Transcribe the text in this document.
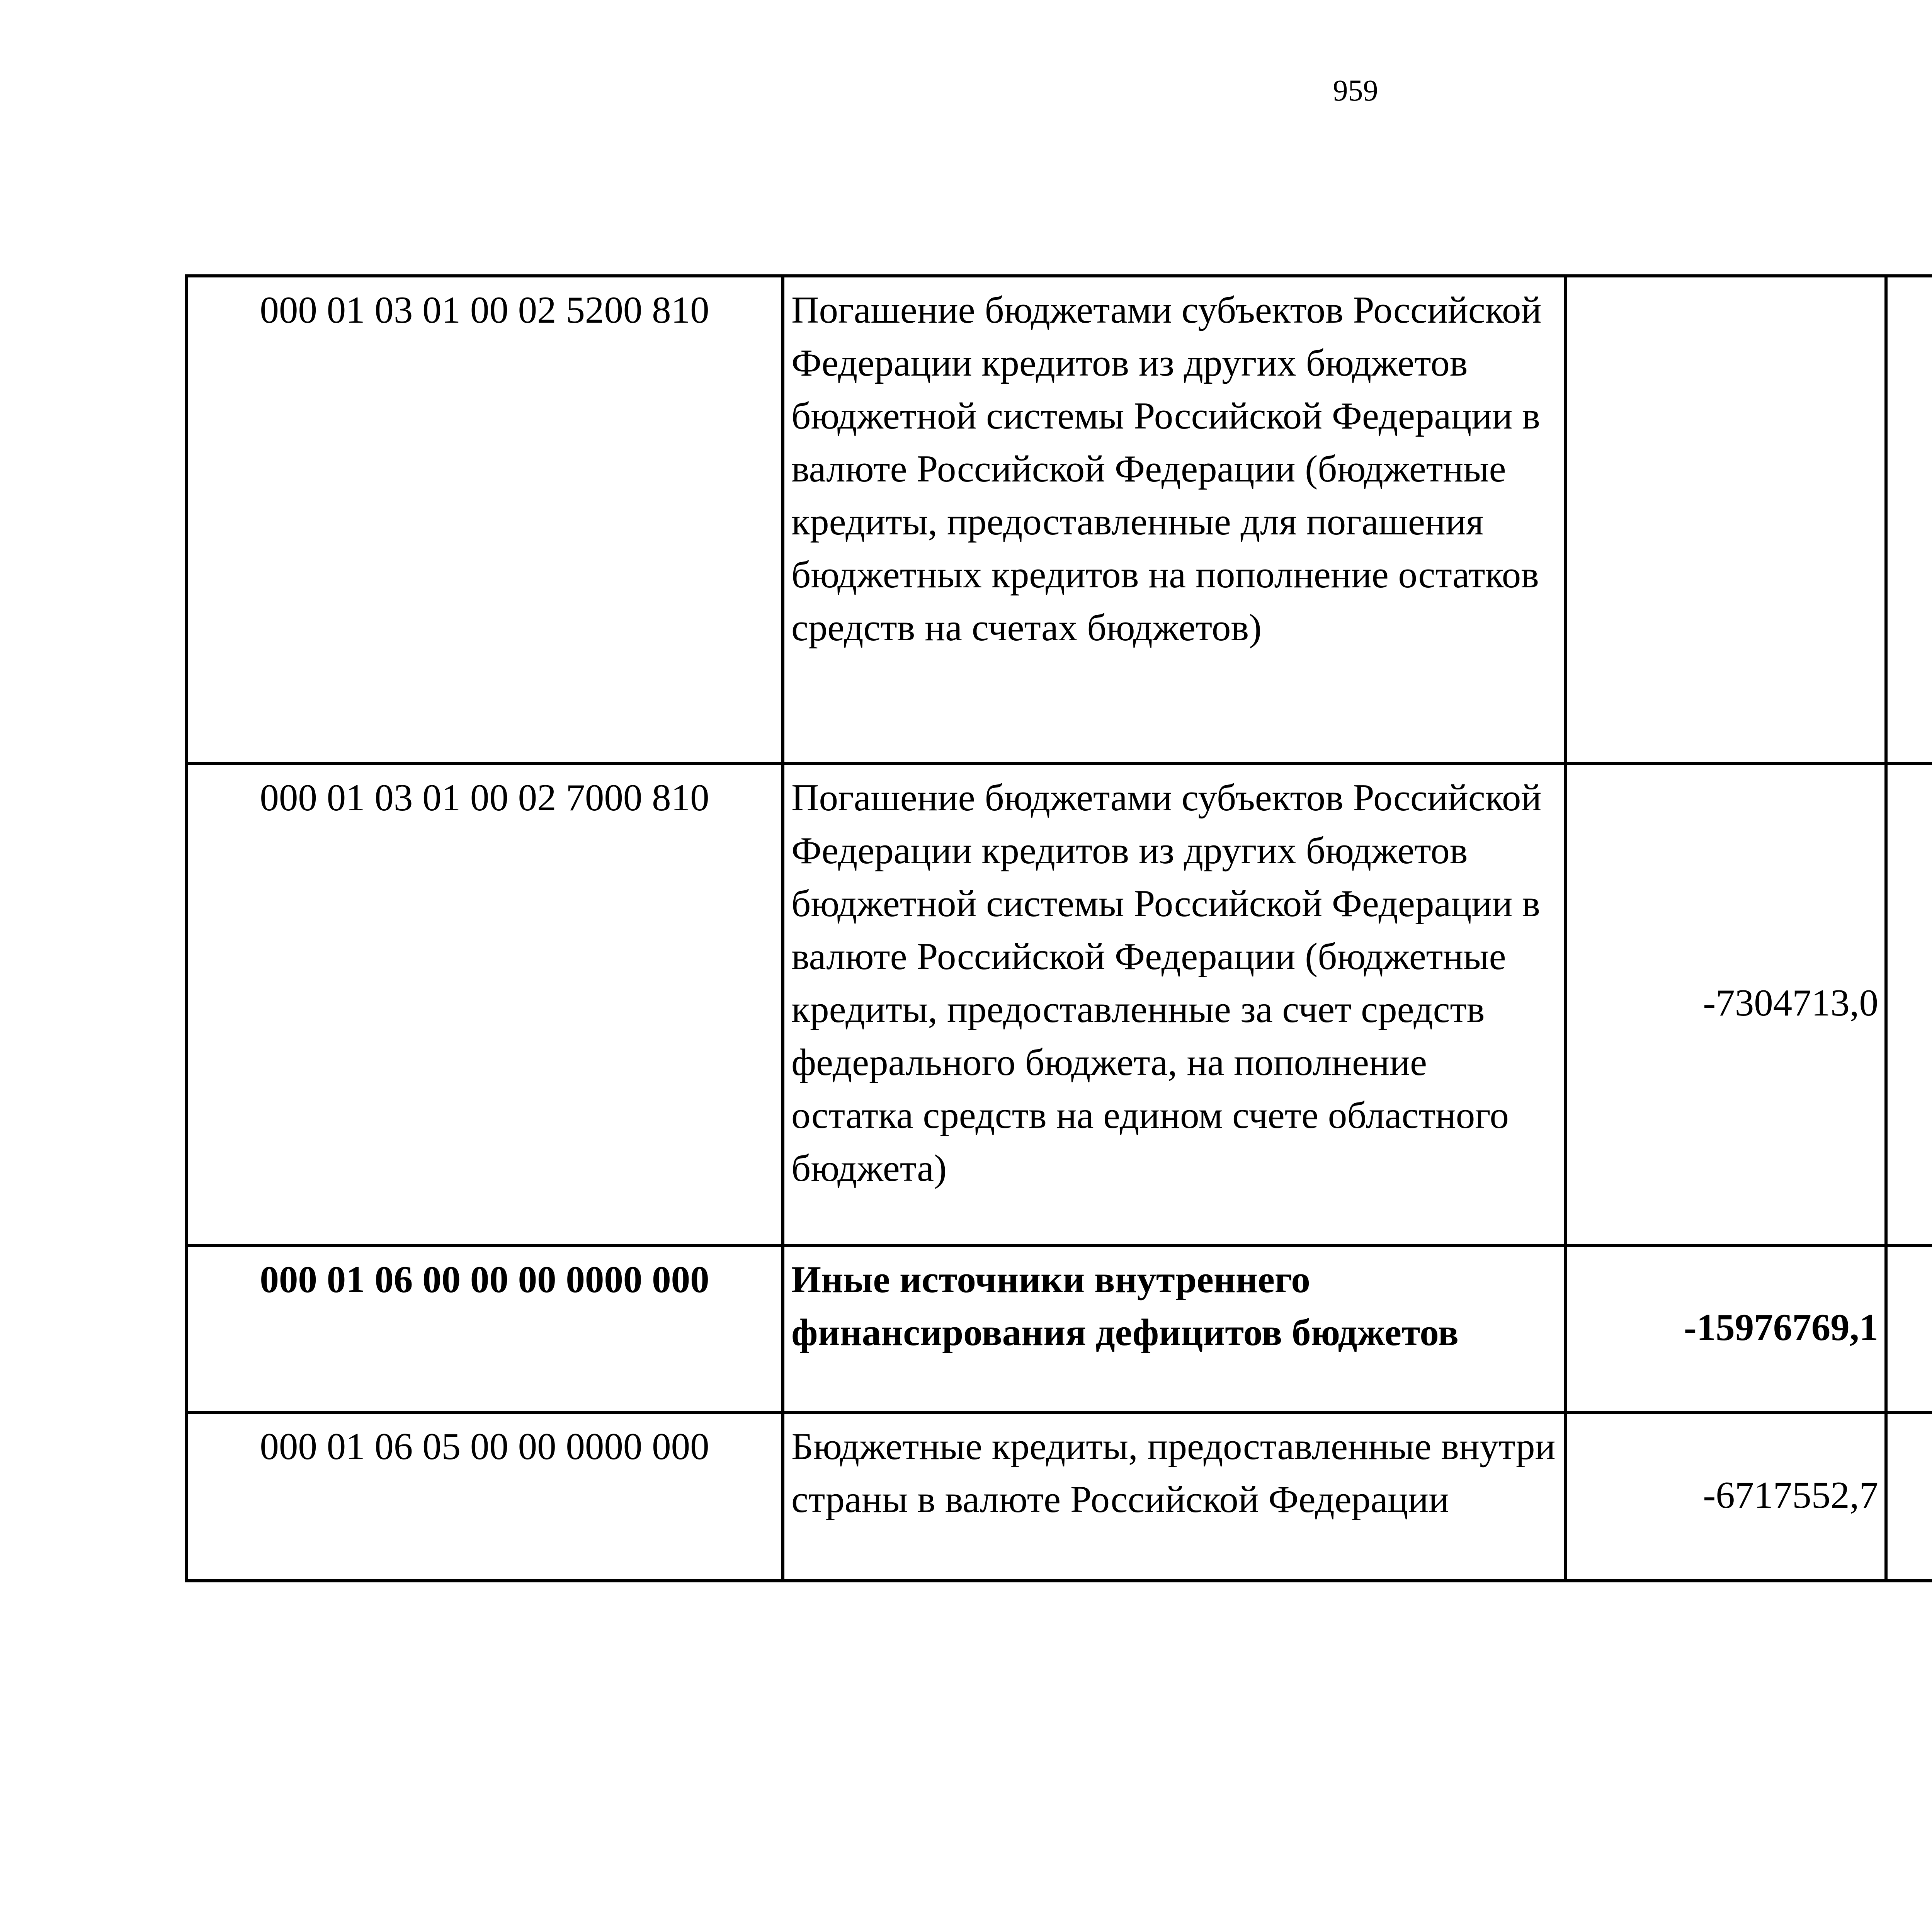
959
000 01 03 01 00 02 5200 810	Погашение бюджетами субъектов Российской Федерации кредитов из других бюджетов бюджетной системы Российской Федерации в валюте Российской Федерации (бюджетные кредиты, предоставленные для погашения бюджетных кредитов на пополнение остатков средств на счетах бюджетов)			
000 01 03 01 00 02 7000 810	Погашение бюджетами субъектов Российской Федерации кредитов из других бюджетов бюджетной системы Российской Федерации в валюте Российской Федерации (бюджетные кредиты, предоставленные за счет средств федерального бюджета, на пополнение остатка средств на едином счете областного бюджета)	-7304713,0		
000 01 06 00 00 00 0000 000	Иные источники внутреннего финансирования дефицитов бюджетов	-15976769,1		
000 01 06 05 00 00 0000 000	Бюджетные кредиты, предоставленные внутри страны в валюте Российской Федерации	-6717552,7		
